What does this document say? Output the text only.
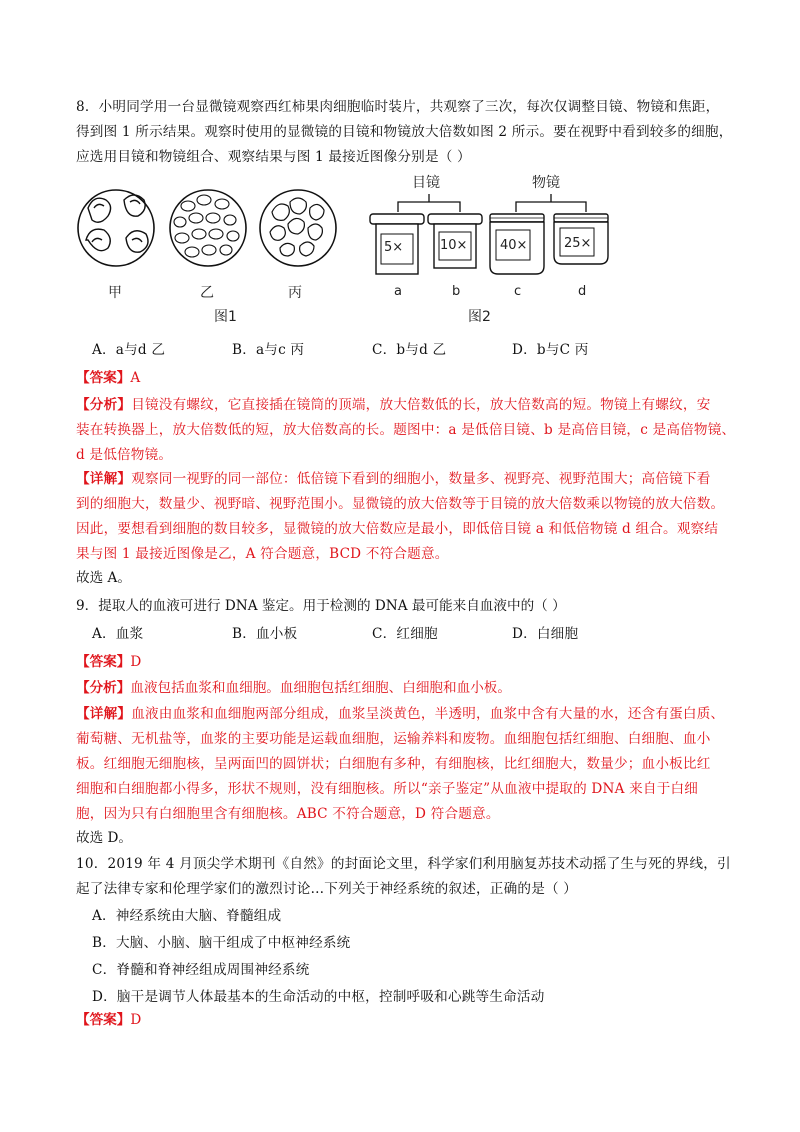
8．小明同学用一台显微镜观察西红柿果肉细胞临时装片，共观察了三次，每次仅调整目镜、物镜和焦距，
得到图 1 所示结果。观察时使用的显微镜的目镜和物镜放大倍数如图 2 所示。要在视野中看到较多的细胞，
应选用目镜和物镜组合、观察结果与图 1 最接近图像分别是（ ）
甲	乙	丙
图1
目镜	物镜
5×	10×	40×	25×
a	b	c	d
图2
A．a与d 乙	B．a与c 丙	C．b与d 乙	D．b与C 丙
【答案】A
【分析】目镜没有螺纹，它直接插在镜筒的顶端，放大倍数低的长，放大倍数高的短。物镜上有螺纹，安
装在转换器上，放大倍数低的短，放大倍数高的长。题图中：a 是低倍目镜、b 是高倍目镜，c 是高倍物镜、
d 是低倍物镜。
【详解】观察同一视野的同一部位：低倍镜下看到的细胞小，数量多、视野亮、视野范围大；高倍镜下看
到的细胞大，数量少、视野暗、视野范围小。显微镜的放大倍数等于目镜的放大倍数乘以物镜的放大倍数。
因此，要想看到细胞的数目较多，显微镜的放大倍数应是最小，即低倍目镜 a 和低倍物镜 d 组合。观察结
果与图 1 最接近图像是乙，A 符合题意，BCD 不符合题意。
故选 A。
9．提取人的血液可进行 DNA 鉴定。用于检测的 DNA 最可能来自血液中的（ ）
A．血浆	B．血小板	C．红细胞	D．白细胞
【答案】D
【分析】血液包括血浆和血细胞。血细胞包括红细胞、白细胞和血小板。
【详解】血液由血浆和血细胞两部分组成，血浆呈淡黄色，半透明，血浆中含有大量的水，还含有蛋白质、
葡萄糖、无机盐等，血浆的主要功能是运载血细胞，运输养料和废物。血细胞包括红细胞、白细胞、血小
板。红细胞无细胞核，呈两面凹的圆饼状；白细胞有多种，有细胞核，比红细胞大，数量少；血小板比红
细胞和白细胞都小得多，形状不规则，没有细胞核。所以“亲子鉴定”从血液中提取的 DNA 来自于白细
胞，因为只有白细胞里含有细胞核。ABC 不符合题意，D 符合题意。
故选 D。
10．2019 年 4 月顶尖学术期刊《自然》的封面论文里，科学家们利用脑复苏技术动摇了生与死的界线，引
起了法律专家和伦理学家们的激烈讨论…下列关于神经系统的叙述，正确的是（ ）
A．神经系统由大脑、脊髓组成
B．大脑、小脑、脑干组成了中枢神经系统
C．脊髓和脊神经组成周围神经系统
D．脑干是调节人体最基本的生命活动的中枢，控制呼吸和心跳等生命活动
【答案】D
